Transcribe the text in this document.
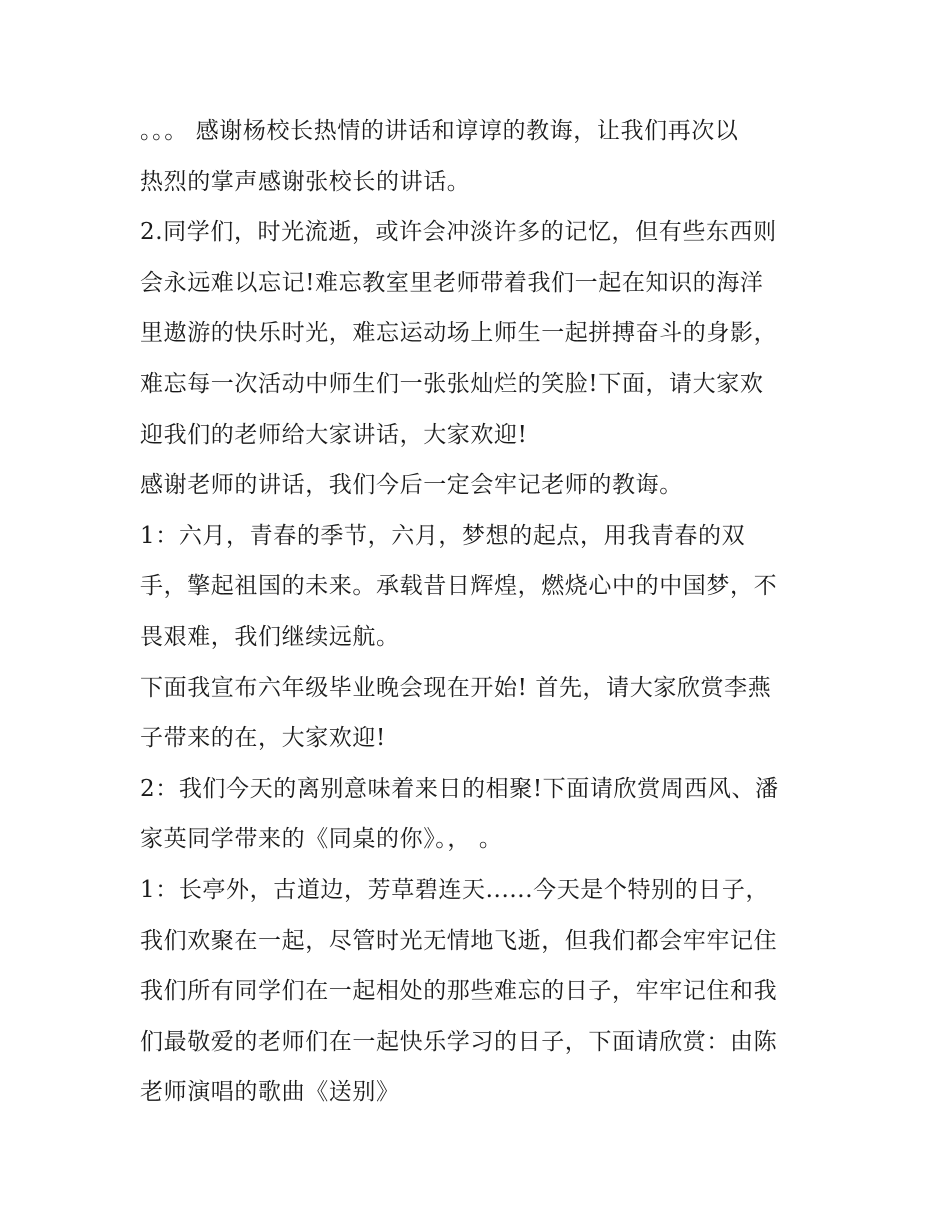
。。。 感谢杨校长热情的讲话和谆谆的教诲，让我们再次以
热烈的掌声感谢张校长的讲话。
2.同学们，时光流逝，或许会冲淡许多的记忆，但有些东西则
会永远难以忘记!难忘教室里老师带着我们一起在知识的海洋
里遨游的快乐时光，难忘运动场上师生一起拼搏奋斗的身影，
难忘每一次活动中师生们一张张灿烂的笑脸!下面，请大家欢
迎我们的老师给大家讲话，大家欢迎!
感谢老师的讲话，我们今后一定会牢记老师的教诲。
1：六月，青春的季节，六月，梦想的起点，用我青春的双
手，擎起祖国的未来。承载昔日辉煌，燃烧心中的中国梦，不
畏艰难，我们继续远航。
下面我宣布六年级毕业晚会现在开始! 首先，请大家欣赏李燕
子带来的在，大家欢迎!
2：我们今天的离别意味着来日的相聚!下面请欣赏周西风、潘
家英同学带来的《同桌的你》。， 。
1：长亭外，古道边，芳草碧连天......今天是个特别的日子，
我们欢聚在一起，尽管时光无情地飞逝，但我们都会牢牢记住
我们所有同学们在一起相处的那些难忘的日子，牢牢记住和我
们最敬爱的老师们在一起快乐学习的日子，下面请欣赏：由陈
老师演唱的歌曲《送别》
